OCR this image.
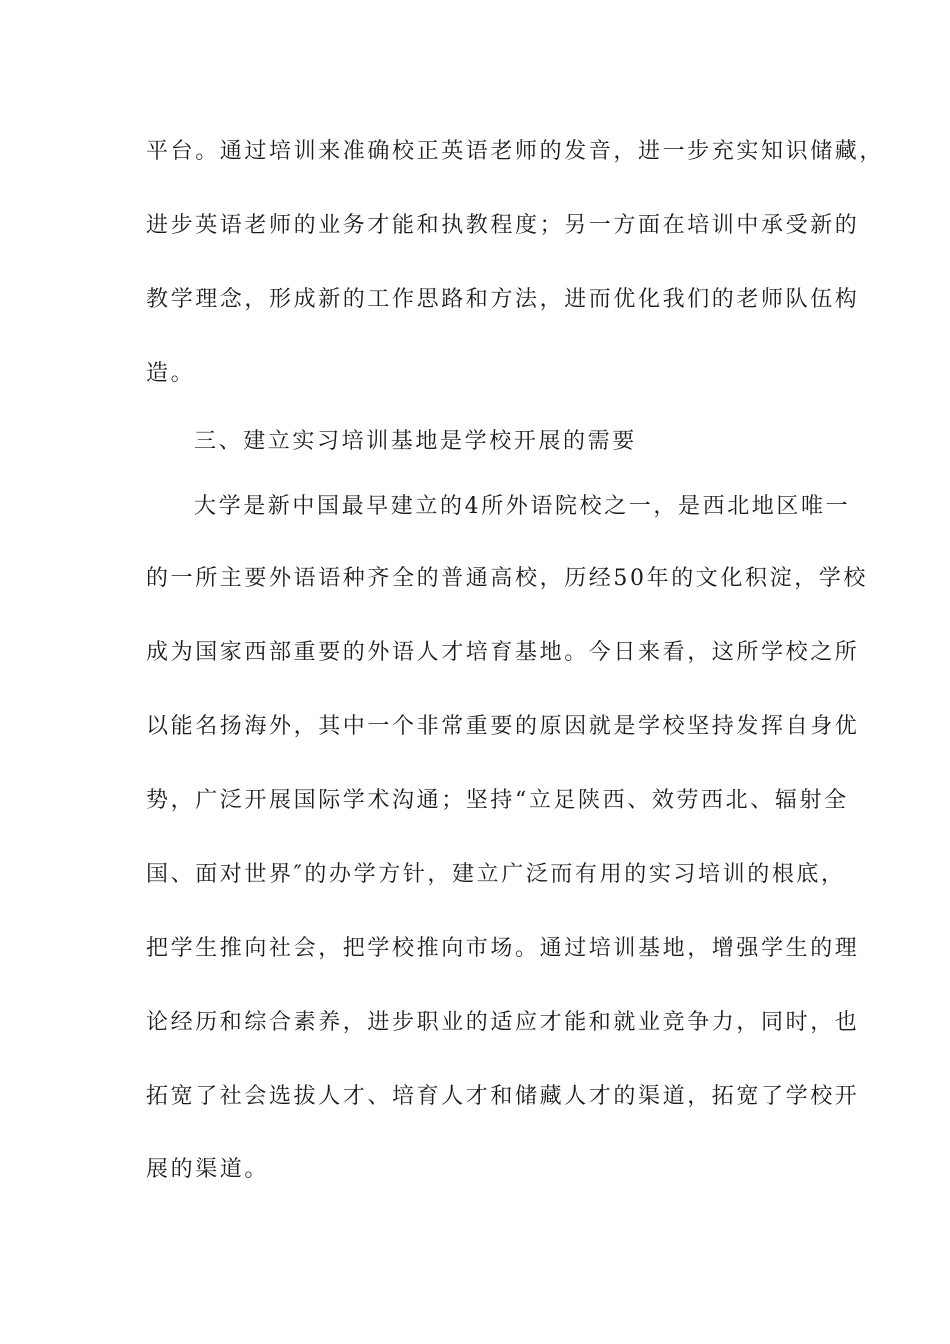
平台。通过培训来准确校正英语老师的发音，进一步充实知识储藏，
进步英语老师的业务才能和执教程度；另一方面在培训中承受新的
教学理念，形成新的工作思路和方法，进而优化我们的老师队伍构
造。
三、建立实习培训基地是学校开展的需要
大学是新中国最早建立的4所外语院校之一，是西北地区唯一
的一所主要外语语种齐全的普通高校，历经50年的文化积淀，学校
成为国家西部重要的外语人才培育基地。今日来看，这所学校之所
以能名扬海外，其中一个非常重要的原因就是学校坚持发挥自身优
势，广泛开展国际学术沟通；坚持“立足陕西、效劳西北、辐射全
国、面对世界″的办学方针，建立广泛而有用的实习培训的根底，
把学生推向社会，把学校推向市场。通过培训基地，增强学生的理
论经历和综合素养，进步职业的适应才能和就业竞争力，同时，也
拓宽了社会选拔人才、培育人才和储藏人才的渠道，拓宽了学校开
展的渠道。
